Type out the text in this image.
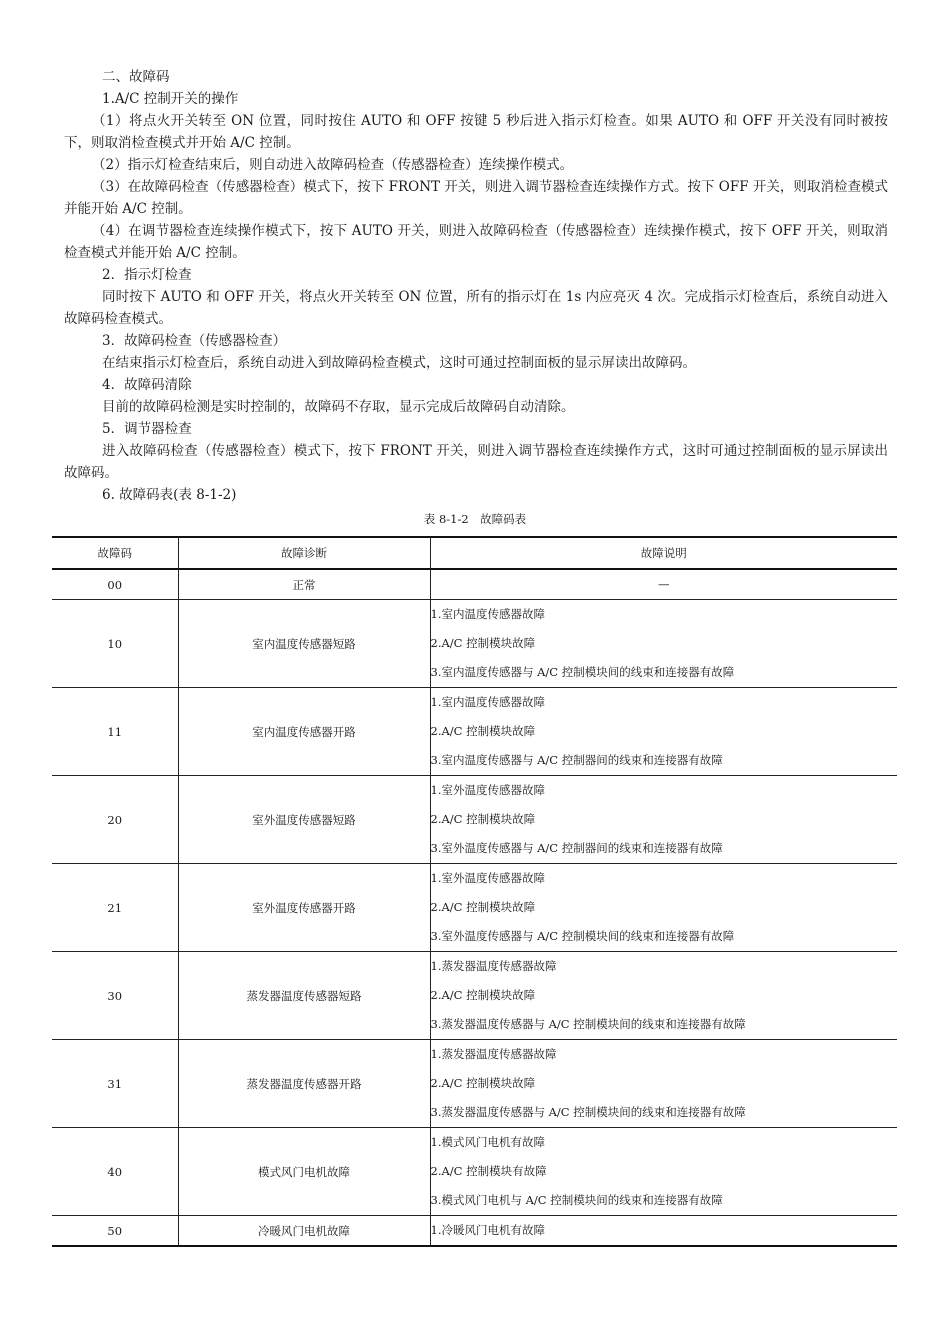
二、故障码
1.A/C 控制开关的操作
（1）将点火开关转至 ON 位置，同时按住 AUTO 和 OFF 按键 5 秒后进入指示灯检查。如果 AUTO 和 OFF 开关没有同时被按下，则取消检查模式并开始 A/C 控制。
（2）指示灯检查结束后，则自动进入故障码检查（传感器检查）连续操作模式。
（3）在故障码检查（传感器检查）模式下，按下 FRONT 开关，则进入调节器检查连续操作方式。按下 OFF 开关，则取消检查模式并能开始 A/C 控制。
（4）在调节器检查连续操作模式下，按下 AUTO 开关，则进入故障码检查（传感器检查）连续操作模式，按下 OFF 开关，则取消检查模式并能开始 A/C 控制。
2．指示灯检查
同时按下 AUTO 和 OFF 开关，将点火开关转至 ON 位置，所有的指示灯在 1s 内应亮灭 4 次。完成指示灯检查后，系统自动进入故障码检查模式。
3．故障码检查（传感器检查）
在结束指示灯检查后，系统自动进入到故障码检查模式，这时可通过控制面板的显示屏读出故障码。
4．故障码清除
目前的故障码检测是实时控制的，故障码不存取，显示完成后故障码自动清除。
5．调节器检查
进入故障码检查（传感器检查）模式下，按下 FRONT 开关，则进入调节器检查连续操作方式，这时可通过控制面板的显示屏读出故障码。
6. 故障码表(表 8-1-2)
表 8-1-2　故障码表
故障码	故障诊断	故障说明
00	正常	—

10	室内温度传感器短路	1.室内温度传感器故障
2.A/C 控制模块故障
3.室内温度传感器与 A/C 控制模块间的线束和连接器有故障

11	室内温度传感器开路	1.室内温度传感器故障
2.A/C 控制模块故障
3.室内温度传感器与 A/C 控制器间的线束和连接器有故障

20	室外温度传感器短路	1.室外温度传感器故障
2.A/C 控制模块故障
3.室外温度传感器与 A/C 控制器间的线束和连接器有故障

21	室外温度传感器开路	1.室外温度传感器故障
2.A/C 控制模块故障
3.室外温度传感器与 A/C 控制模块间的线束和连接器有故障

30	蒸发器温度传感器短路	1.蒸发器温度传感器故障
2.A/C 控制模块故障
3.蒸发器温度传感器与 A/C 控制模块间的线束和连接器有故障

31	蒸发器温度传感器开路	1.蒸发器温度传感器故障
2.A/C 控制模块故障
3.蒸发器温度传感器与 A/C 控制模块间的线束和连接器有故障

40	模式风门电机故障	1.模式风门电机有故障
2.A/C 控制模块有故障
3.模式风门电机与 A/C 控制模块间的线束和连接器有故障

50	冷暖风门电机故障	1.冷暖风门电机有故障
